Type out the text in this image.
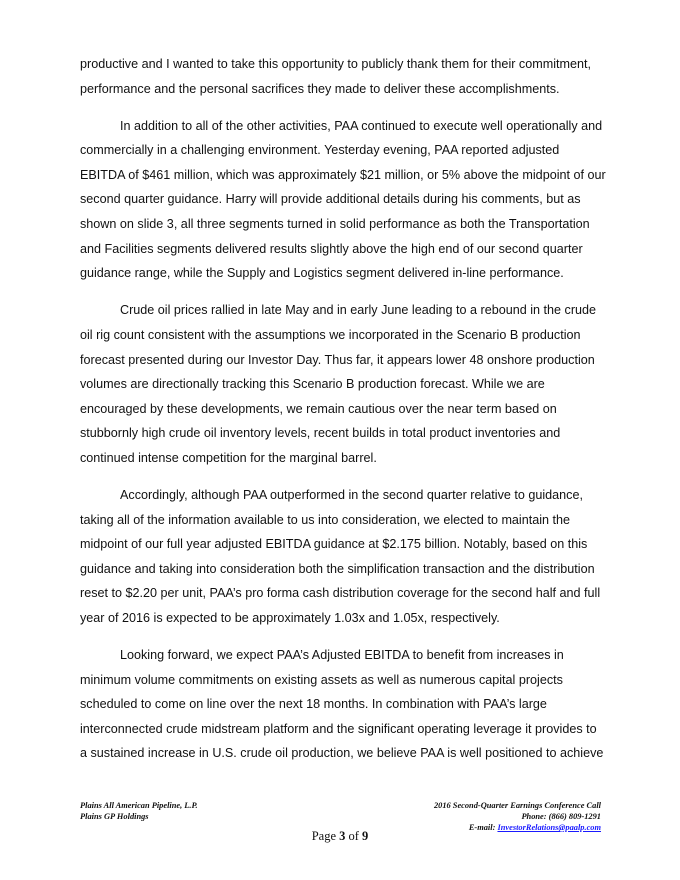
productive and I wanted to take this opportunity to publicly thank them for their commitment, performance and the personal sacrifices they made to deliver these accomplishments.

In addition to all of the other activities, PAA continued to execute well operationally and commercially in a challenging environment. Yesterday evening, PAA reported adjusted EBITDA of $461 million, which was approximately $21 million, or 5% above the midpoint of our second quarter guidance. Harry will provide additional details during his comments, but as shown on slide 3, all three segments turned in solid performance as both the Transportation and Facilities segments delivered results slightly above the high end of our second quarter guidance range, while the Supply and Logistics segment delivered in-line performance.

Crude oil prices rallied in late May and in early June leading to a rebound in the crude oil rig count consistent with the assumptions we incorporated in the Scenario B production forecast presented during our Investor Day. Thus far, it appears lower 48 onshore production volumes are directionally tracking this Scenario B production forecast. While we are encouraged by these developments, we remain cautious over the near term based on stubbornly high crude oil inventory levels, recent builds in total product inventories and continued intense competition for the marginal barrel.

Accordingly, although PAA outperformed in the second quarter relative to guidance, taking all of the information available to us into consideration, we elected to maintain the midpoint of our full year adjusted EBITDA guidance at $2.175 billion. Notably, based on this guidance and taking into consideration both the simplification transaction and the distribution reset to $2.20 per unit, PAA’s pro forma cash distribution coverage for the second half and full year of 2016 is expected to be approximately 1.03x and 1.05x, respectively.

Looking forward, we expect PAA’s Adjusted EBITDA to benefit from increases in minimum volume commitments on existing assets as well as numerous capital projects scheduled to come on line over the next 18 months. In combination with PAA’s large interconnected crude midstream platform and the significant operating leverage it provides to a sustained increase in U.S. crude oil production, we believe PAA is well positioned to achieve

Plains All American Pipeline, L.P.
Plains GP Holdings
2016 Second-Quarter Earnings Conference Call
Phone: (866) 809-1291
E-mail: InvestorRelations@paalp.com
Page 3 of 9
